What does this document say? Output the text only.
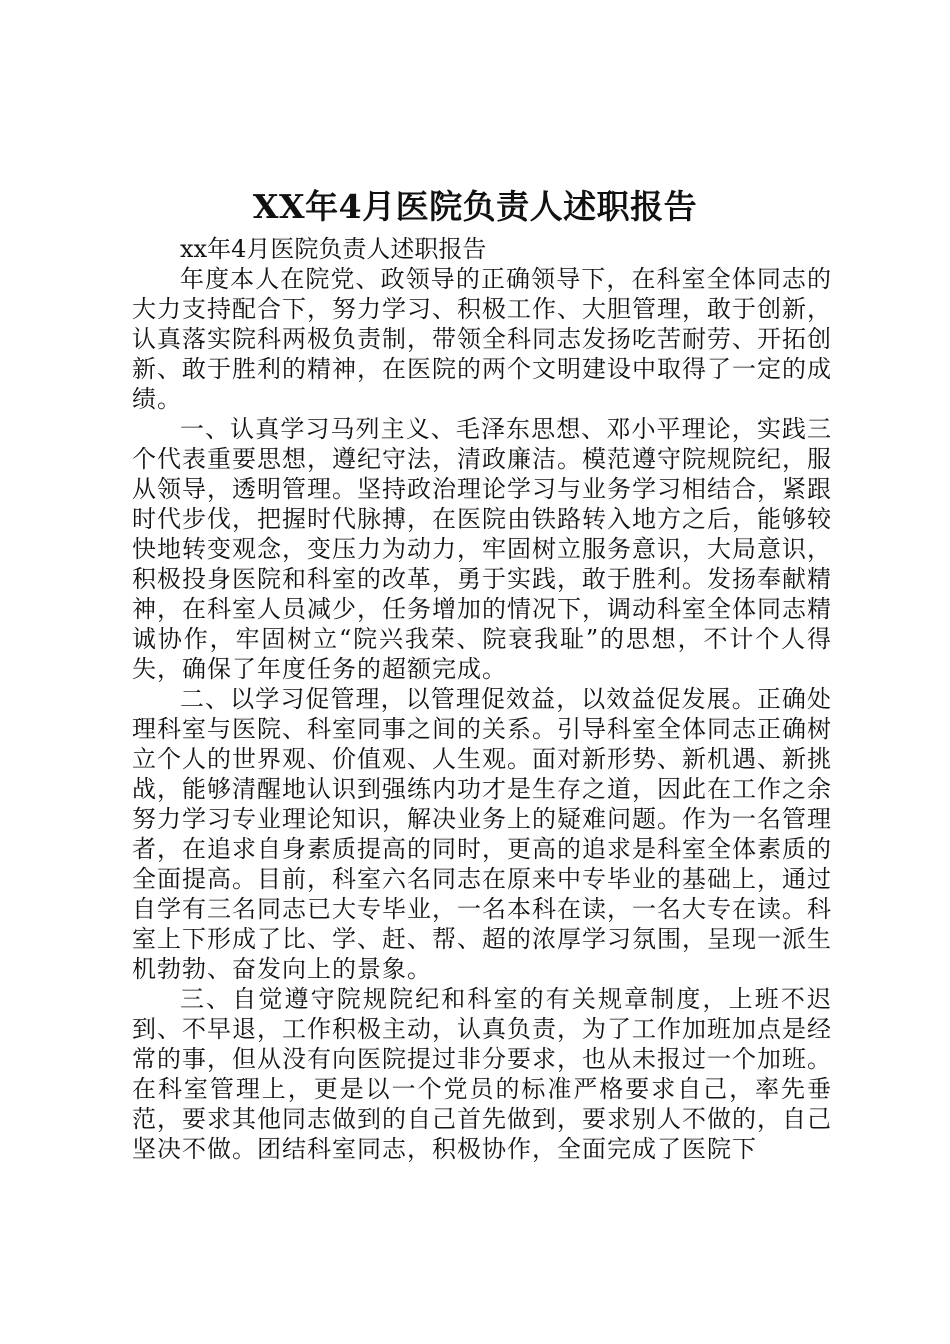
XX年4月医院负责人述职报告

xx年4月医院负责人述职报告

年度本人在院党、政领导的正确领导下，在科室全体同志的大力支持配合下，努力学习、积极工作、大胆管理，敢于创新，认真落实院科两极负责制，带领全科同志发扬吃苦耐劳、开拓创新、敢于胜利的精神，在医院的两个文明建设中取得了一定的成绩。

一、认真学习马列主义、毛泽东思想、邓小平理论，实践三个代表重要思想，遵纪守法，清政廉洁。模范遵守院规院纪，服从领导，透明管理。坚持政治理论学习与业务学习相结合，紧跟时代步伐，把握时代脉搏，在医院由铁路转入地方之后，能够较快地转变观念，变压力为动力，牢固树立服务意识，大局意识，积极投身医院和科室的改革，勇于实践，敢于胜利。发扬奉献精神，在科室人员减少，任务增加的情况下，调动科室全体同志精诚协作，牢固树立“院兴我荣、院衰我耻”的思想，不计个人得失，确保了年度任务的超额完成。

二、以学习促管理，以管理促效益，以效益促发展。正确处理科室与医院、科室同事之间的关系。引导科室全体同志正确树立个人的世界观、价值观、人生观。面对新形势、新机遇、新挑战，能够清醒地认识到强练内功才是生存之道，因此在工作之余努力学习专业理论知识，解决业务上的疑难问题。作为一名管理者，在追求自身素质提高的同时，更高的追求是科室全体素质的全面提高。目前，科室六名同志在原来中专毕业的基础上，通过自学有三名同志已大专毕业，一名本科在读，一名大专在读。科室上下形成了比、学、赶、帮、超的浓厚学习氛围，呈现一派生机勃勃、奋发向上的景象。

三、自觉遵守院规院纪和科室的有关规章制度，上班不迟到、不早退，工作积极主动，认真负责，为了工作加班加点是经常的事，但从没有向医院提过非分要求，也从未报过一个加班。在科室管理上，更是以一个党员的标准严格要求自己，率先垂范，要求其他同志做到的自己首先做到，要求别人不做的，自己坚决不做。团结科室同志，积极协作，全面完成了医院下
